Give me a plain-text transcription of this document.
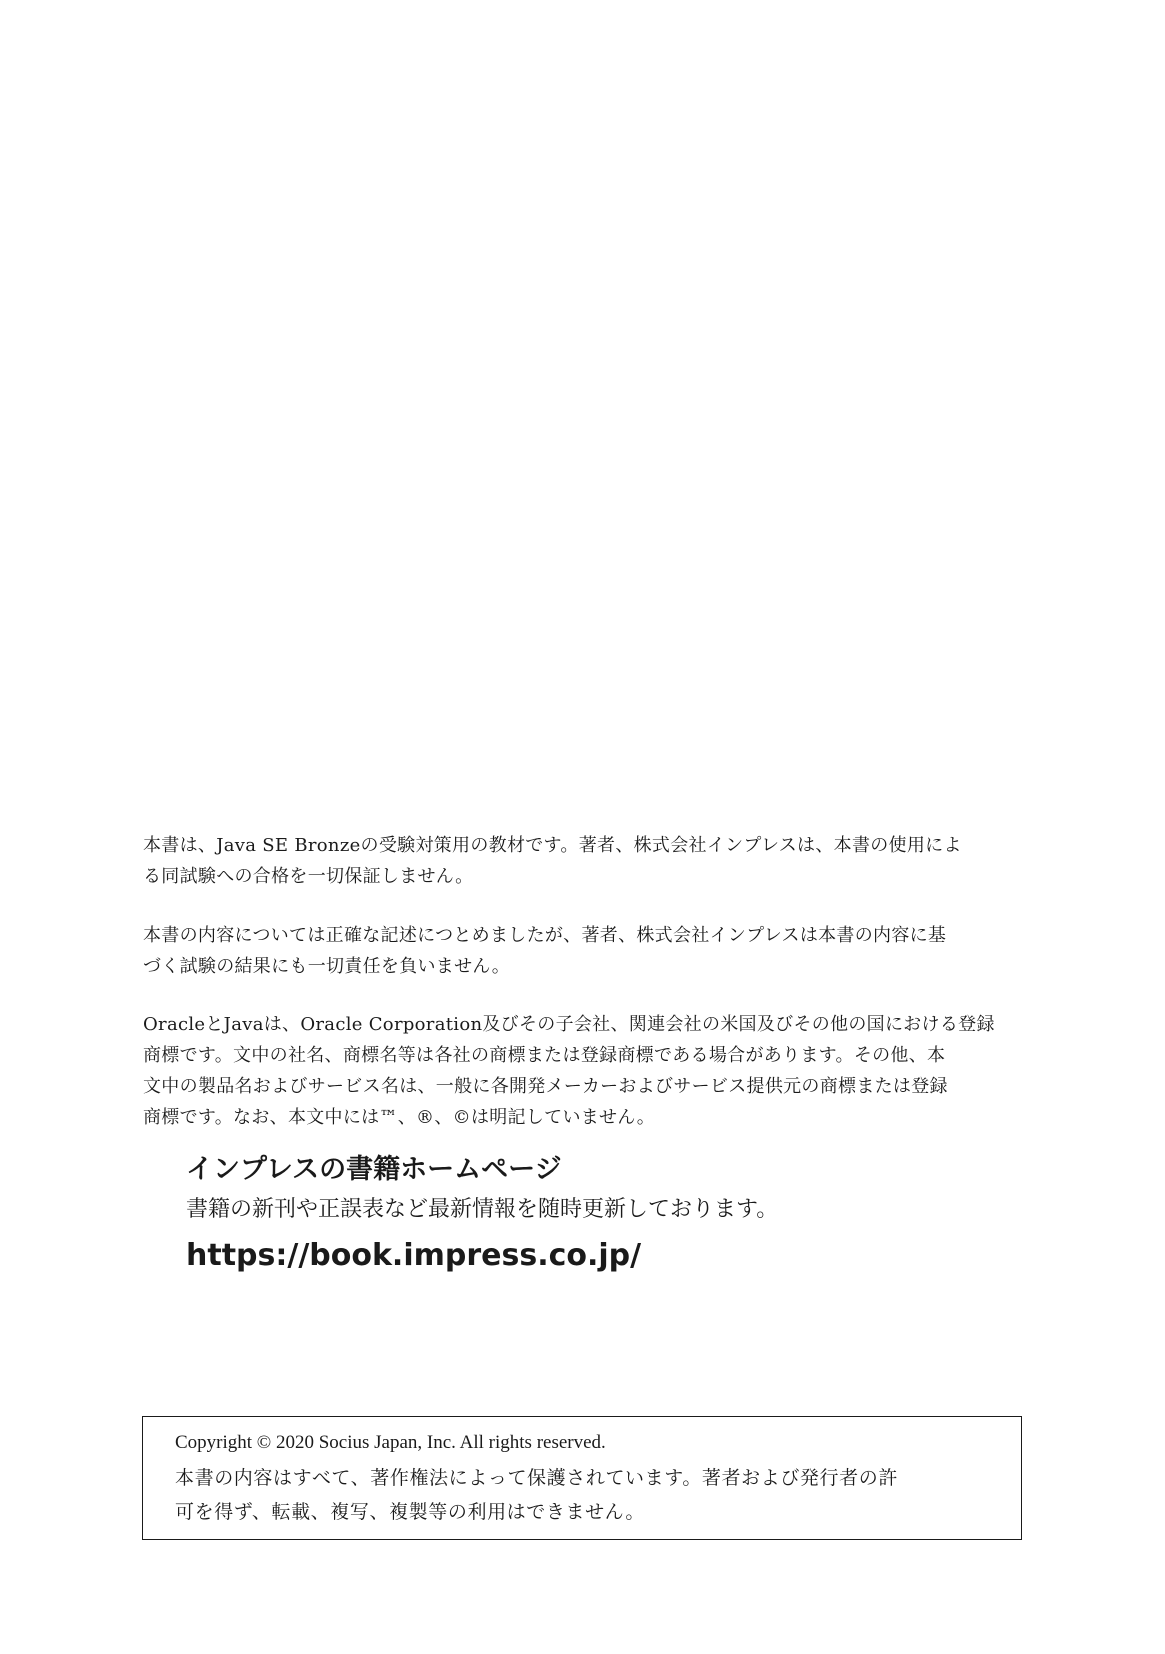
本書は、Java SE Bronzeの受験対策用の教材です。著者、株式会社インプレスは、本書の使用によ
る同試験への合格を一切保証しません。
本書の内容については正確な記述につとめましたが、著者、株式会社インプレスは本書の内容に基
づく試験の結果にも一切責任を負いません。
OracleとJavaは、Oracle Corporation及びその子会社、関連会社の米国及びその他の国における登録
商標です。文中の社名、商標名等は各社の商標または登録商標である場合があります。その他、本
文中の製品名およびサービス名は、一般に各開発メーカーおよびサービス提供元の商標または登録
商標です。なお、本文中には™、®、©は明記していません。
インプレスの書籍ホームページ
書籍の新刊や正誤表など最新情報を随時更新しております。
https://book.impress.co.jp/
Copyright © 2020 Socius Japan, Inc. All rights reserved.
本書の内容はすべて、著作権法によって保護されています。著者および発行者の許
可を得ず、転載、複写、複製等の利用はできません。
